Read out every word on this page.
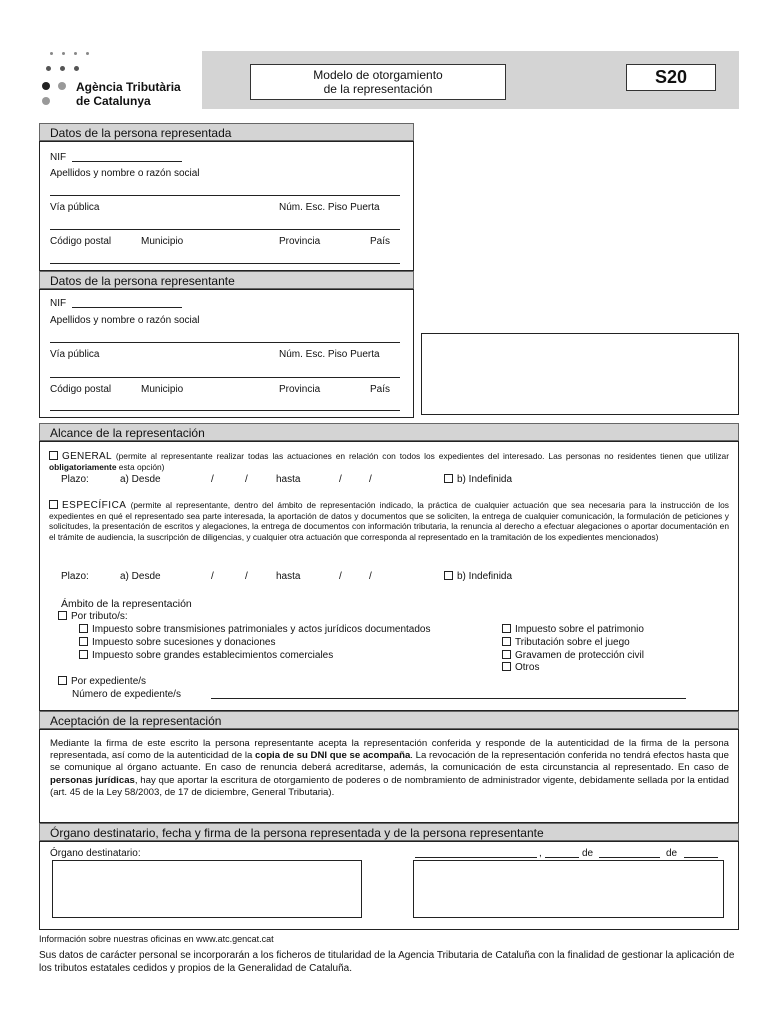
Agència Tributària
de Catalunya
Modelo de otorgamiento
de la representación
S20
Datos de la persona representada
NIF
Apellidos y nombre o razón social
Vía pública	Núm. Esc. Piso Puerta
Código postal	Municipio	Provincia	País
Datos de la persona representante
NIF
Apellidos y nombre o razón social
Vía pública	Núm. Esc. Piso Puerta
Código postal	Municipio	Provincia	País
Alcance de la representación

GENERAL (permite al representante realizar todas las actuaciones en relación con todos los expedientes del interesado. Las personas no residentes tienen que utilizar obligatoriamente esta opción)

Plazo:	a) Desde	/	/	hasta	/	/	b) Indefinida

ESPECÍFICA (permite al representante, dentro del ámbito de representación indicado, la práctica de cualquier actuación que sea necesaria para la instrucción de los expedientes en qué el representado sea parte interesada, la aportación de datos y documentos que se soliciten, la entrega de cualquier comunicación, la formulación de peticiones y solicitudes, la presentación de escritos y alegaciones, la entrega de documentos con información tributaria, la renuncia al derecho a efectuar alegaciones o aportar documentación en el trámite de audiencia, la suscripción de diligencias, y cualquier otra actuación que corresponda al representado en la tramitación de los expedientes mencionados)

Plazo:	a) Desde	/	/	hasta	/	/	b) Indefinida
Ámbito de la representación
Por tributo/s:
Impuesto sobre transmisiones patrimoniales y actos jurídicos documentados
Impuesto sobre sucesiones y donaciones
Impuesto sobre grandes establecimientos comerciales
Impuesto sobre el patrimonio
Tributación sobre el juego
Gravamen de protección civil
Otros
Por expediente/s
Número de expediente/s
Aceptación de la representación

Mediante la firma de este escrito la persona representante acepta la representación conferida y responde de la autenticidad de la firma de la persona representada, así como de la autenticidad de la copia de su DNI que se acompaña. La revocación de la representación conferida no tendrá efectos hasta que se comunique al órgano actuante. En caso de renuncia deberá acreditarse, además, la comunicación de esta circunstancia al representado. En caso de personas jurídicas, hay que aportar la escritura de otorgamiento de poderes o de nombramiento de administrador vigente, debidamente sellada por la entidad (art. 45 de la Ley 58/2003, de 17 de diciembre, General Tributaria).

Órgano destinatario, fecha y firma de la persona representada y de la persona representante
Órgano destinatario:	,	de	de
Información sobre nuestras oficinas en www.atc.gencat.cat
Sus datos de carácter personal se incorporarán a los ficheros de titularidad de la Agencia Tributaria de Cataluña con la finalidad de gestionar la aplicación de los tributos estatales cedidos y propios de la Generalidad de Cataluña.
